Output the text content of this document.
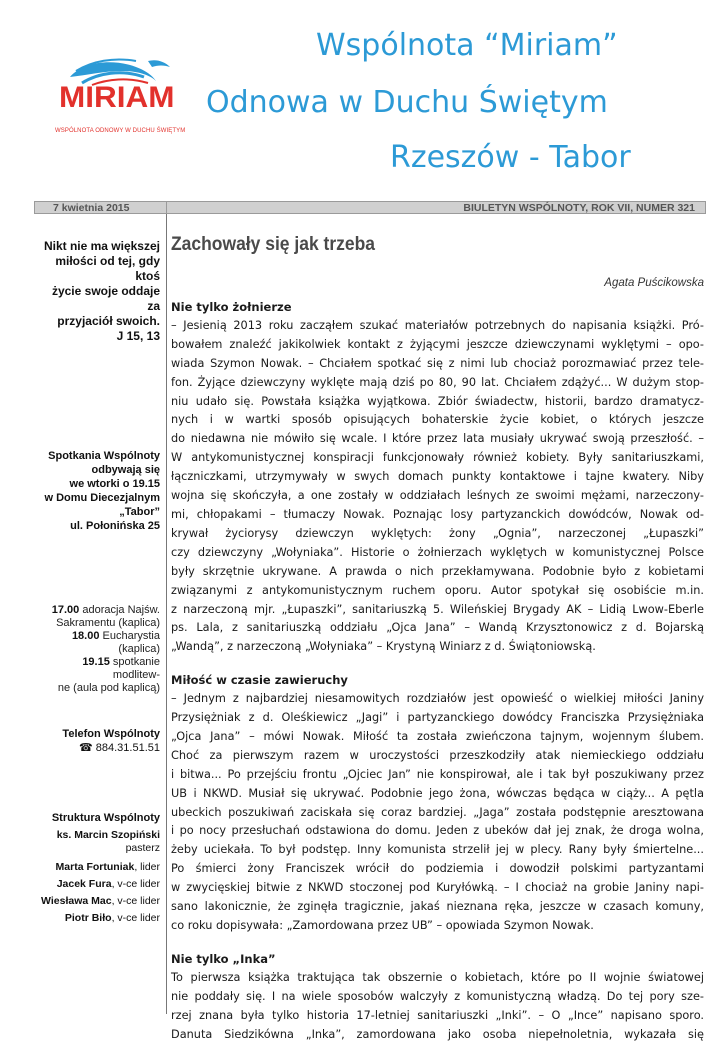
MIRIAM
WSPÓLNOTA ODNOWY W DUCHU ŚWIĘTYM
Wspólnota “Miriam”
Odnowa w Duchu Świętym
Rzeszów - Tabor
7 kwietnia 2015	BIULETYN WSPÓLNOTY, ROK VII, NUMER 321
Nikt nie ma większej
miłości od tej, gdy ktoś
życie swoje oddaje za
przyjaciół swoich.
J 15, 13
Spotkania Wspólnoty
odbywają się
we wtorki o 19.15
w Domu Diecezjalnym
„Tabor”
ul. Połonińska 25
17.00 adoracja Najśw.
Sakramentu (kaplica)
18.00 Eucharystia (kaplica)
19.15 spotkanie modlitew-
ne (aula pod kaplicą)
Telefon Wspólnoty
☎ 884.31.51.51
Struktura Wspólnoty
ks. Marcin Szopiński
pasterz
Marta Fortuniak, lider
Jacek Fura, v-ce lider
Wiesława Mac, v-ce lider
Piotr Biło, v-ce lider
Zachowały się jak trzeba
Agata Puścikowska
Nie tylko żołnierze

– Jesienią 2013 roku zacząłem szukać materiałów potrzebnych do napisania książki. Pró-
bowałem znaleźć jakikolwiek kontakt z żyjącymi jeszcze dziewczynami wyklętymi – opo-
wiada Szymon Nowak. – Chciałem spotkać się z nimi lub chociaż porozmawiać przez tele-
fon. Żyjące dziewczyny wyklęte mają dziś po 80, 90 lat. Chciałem zdążyć... W dużym stop-
niu udało się. Powstała książka wyjątkowa. Zbiór świadectw, historii, bardzo dramatycz-
nych i w wartki sposób opisujących bohaterskie życie kobiet, o których jeszcze
do niedawna nie mówiło się wcale. I które przez lata musiały ukrywać swoją przeszłość. –
W antykomunistycznej konspiracji funkcjonowały również kobiety. Były sanitariuszkami,
łączniczkami, utrzymywały w swych domach punkty kontaktowe i tajne kwatery. Niby
wojna się skończyła, a one zostały w oddziałach leśnych ze swoimi mężami, narzeczony-
mi, chłopakami – tłumaczy Nowak. Poznając losy partyzanckich dowódców, Nowak od-
krywał życiorysy dziewczyn wyklętych: żony „Ognia”, narzeczonej „Łupaszki”
czy dziewczyny „Wołyniaka”. Historie o żołnierzach wyklętych w komunistycznej Polsce
były skrzętnie ukrywane. A prawda o nich przekłamywana. Podobnie było z kobietami
związanymi z antykomunistycznym ruchem oporu. Autor spotykał się osobiście m.in.
z narzeczoną mjr. „Łupaszki”, sanitariuszką 5. Wileńskiej Brygady AK – Lidią Lwow-Eberle
ps. Lala, z sanitariuszką oddziału „Ojca Jana” – Wandą Krzysztonowicz z d. Bojarską
„Wandą”, z narzeczoną „Wołyniaka” – Krystyną Winiarz z d. Świątoniowską.

Miłość w czasie zawieruchy

– Jednym z najbardziej niesamowitych rozdziałów jest opowieść o wielkiej miłości Janiny
Przysiężniak z d. Oleśkiewicz „Jagi” i partyzanckiego dowódcy Franciszka Przysiężniaka
„Ojca Jana” – mówi Nowak. Miłość ta została zwieńczona tajnym, wojennym ślubem.
Choć za pierwszym razem w uroczystości przeszkodziły atak niemieckiego oddziału
i bitwa... Po przejściu frontu „Ojciec Jan” nie konspirował, ale i tak był poszukiwany przez
UB i NKWD. Musiał się ukrywać. Podobnie jego żona, wówczas będąca w ciąży... A pętla
ubeckich poszukiwań zaciskała się coraz bardziej. „Jaga” została podstępnie aresztowana
i po nocy przesłuchań odstawiona do domu. Jeden z ubeków dał jej znak, że droga wolna,
żeby uciekała. To był podstęp. Inny komunista strzelił jej w plecy. Rany były śmiertelne...
Po śmierci żony Franciszek wrócił do podziemia i dowodził polskimi partyzantami
w zwycięskiej bitwie z NKWD stoczonej pod Kuryłówką. – I chociaż na grobie Janiny napi-
sano lakonicznie, że zginęła tragicznie, jakaś nieznana ręka, jeszcze w czasach komuny,
co roku dopisywała: „Zamordowana przez UB” – opowiada Szymon Nowak.

Nie tylko „Inka”

To pierwsza książka traktująca tak obszernie o kobietach, które po II wojnie światowej
nie poddały się. I na wiele sposobów walczyły z komunistyczną władzą. Do tej pory sze-
rzej znana była tylko historia 17-letniej sanitariuszki „Inki”. – O „Ince” napisano sporo.
Danuta Siedzikówna „Inka”, zamordowana jako osoba niepełnoletnia, wykazała się
